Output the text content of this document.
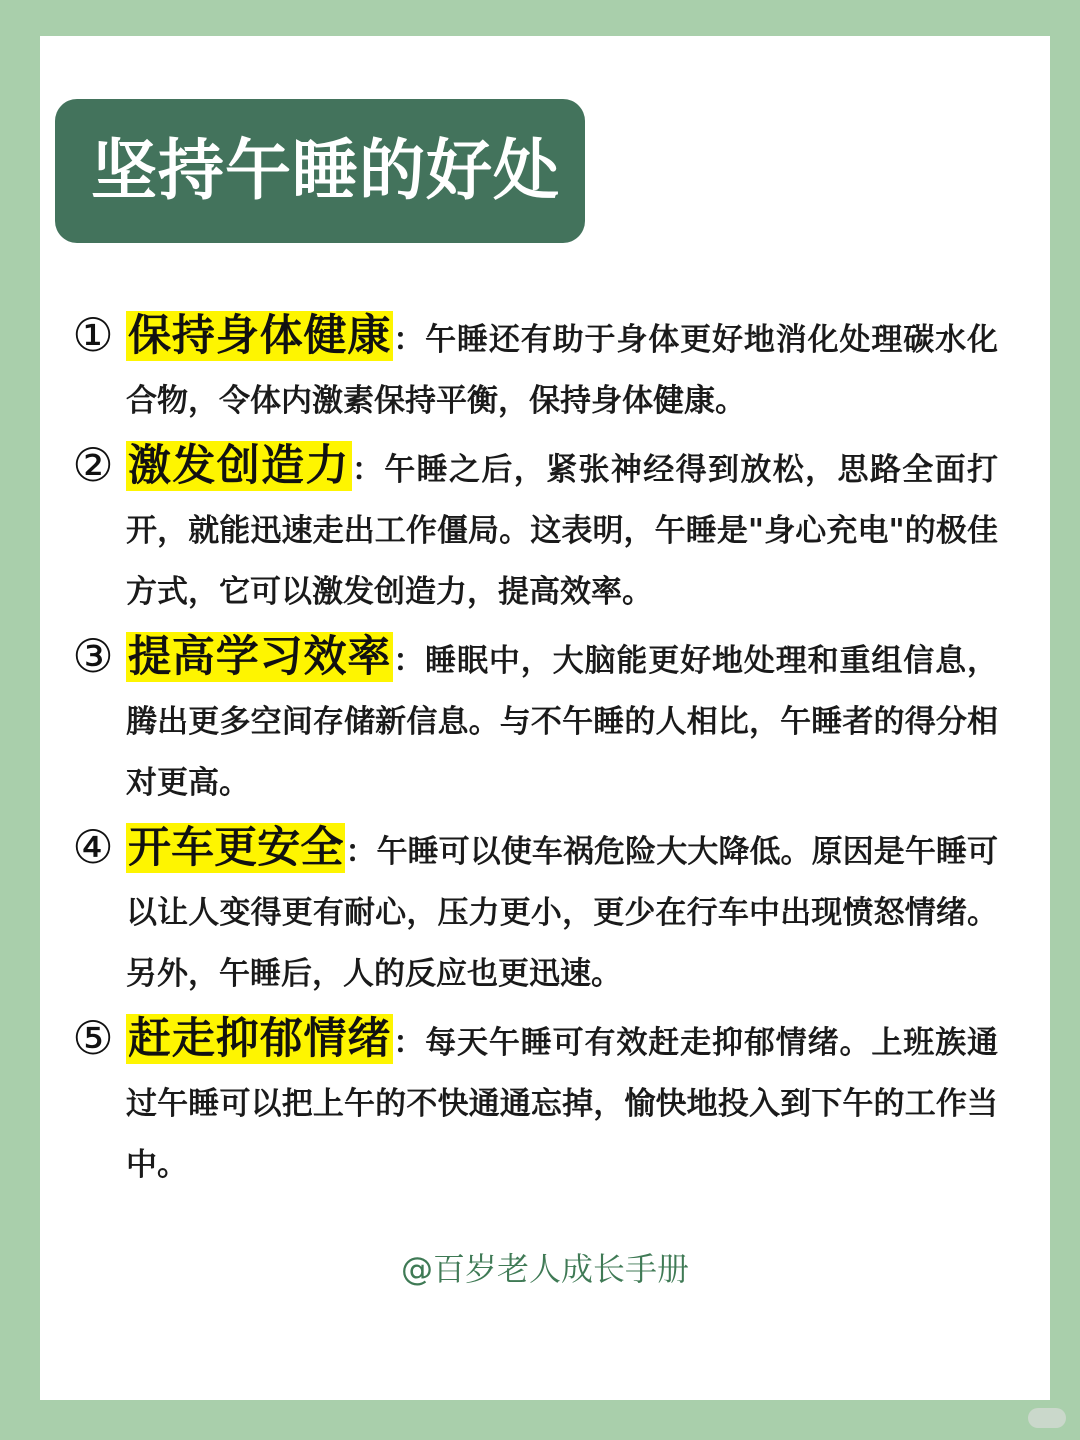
坚持午睡的好处
① 保持身体健康：午睡还有助于身体更好地消化处理碳水化合物，令体内激素保持平衡，保持身体健康。
② 激发创造力：午睡之后，紧张神经得到放松，思路全面打开，就能迅速走出工作僵局。这表明，午睡是"身心充电"的极佳方式，它可以激发创造力，提高效率。
③ 提高学习效率：睡眠中，大脑能更好地处理和重组信息，腾出更多空间存储新信息。与不午睡的人相比，午睡者的得分相对更高。
④ 开车更安全：午睡可以使车祸危险大大降低。原因是午睡可以让人变得更有耐心，压力更小，更少在行车中出现愤怒情绪。另外，午睡后，人的反应也更迅速。
⑤ 赶走抑郁情绪：每天午睡可有效赶走抑郁情绪。上班族通过午睡可以把上午的不快通通忘掉，愉快地投入到下午的工作当中。
@百岁老人成长手册
